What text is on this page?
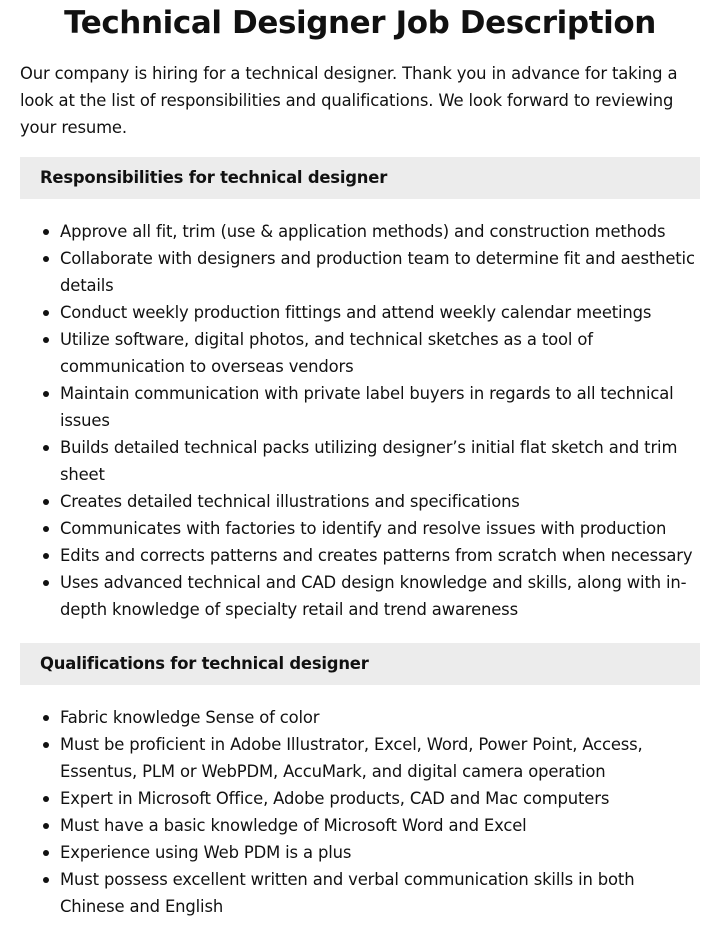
Technical Designer Job Description

Our company is hiring for a technical designer. Thank you in advance for taking a look at the list of responsibilities and qualifications. We look forward to reviewing your resume.

Responsibilities for technical designer
Approve all fit, trim (use & application methods) and construction methods
Collaborate with designers and production team to determine fit and aesthetic details
Conduct weekly production fittings and attend weekly calendar meetings
Utilize software, digital photos, and technical sketches as a tool of communication to overseas vendors
Maintain communication with private label buyers in regards to all technical issues
Builds detailed technical packs utilizing designer’s initial flat sketch and trim sheet
Creates detailed technical illustrations and specifications
Communicates with factories to identify and resolve issues with production
Edits and corrects patterns and creates patterns from scratch when necessary
Uses advanced technical and CAD design knowledge and skills, along with in-depth knowledge of specialty retail and trend awareness
Qualifications for technical designer
Fabric knowledge Sense of color
Must be proficient in Adobe Illustrator, Excel, Word, Power Point, Access, Essentus, PLM or WebPDM, AccuMark, and digital camera operation
Expert in Microsoft Office, Adobe products, CAD and Mac computers
Must have a basic knowledge of Microsoft Word and Excel
Experience using Web PDM is a plus
Must possess excellent written and verbal communication skills in both Chinese and English
